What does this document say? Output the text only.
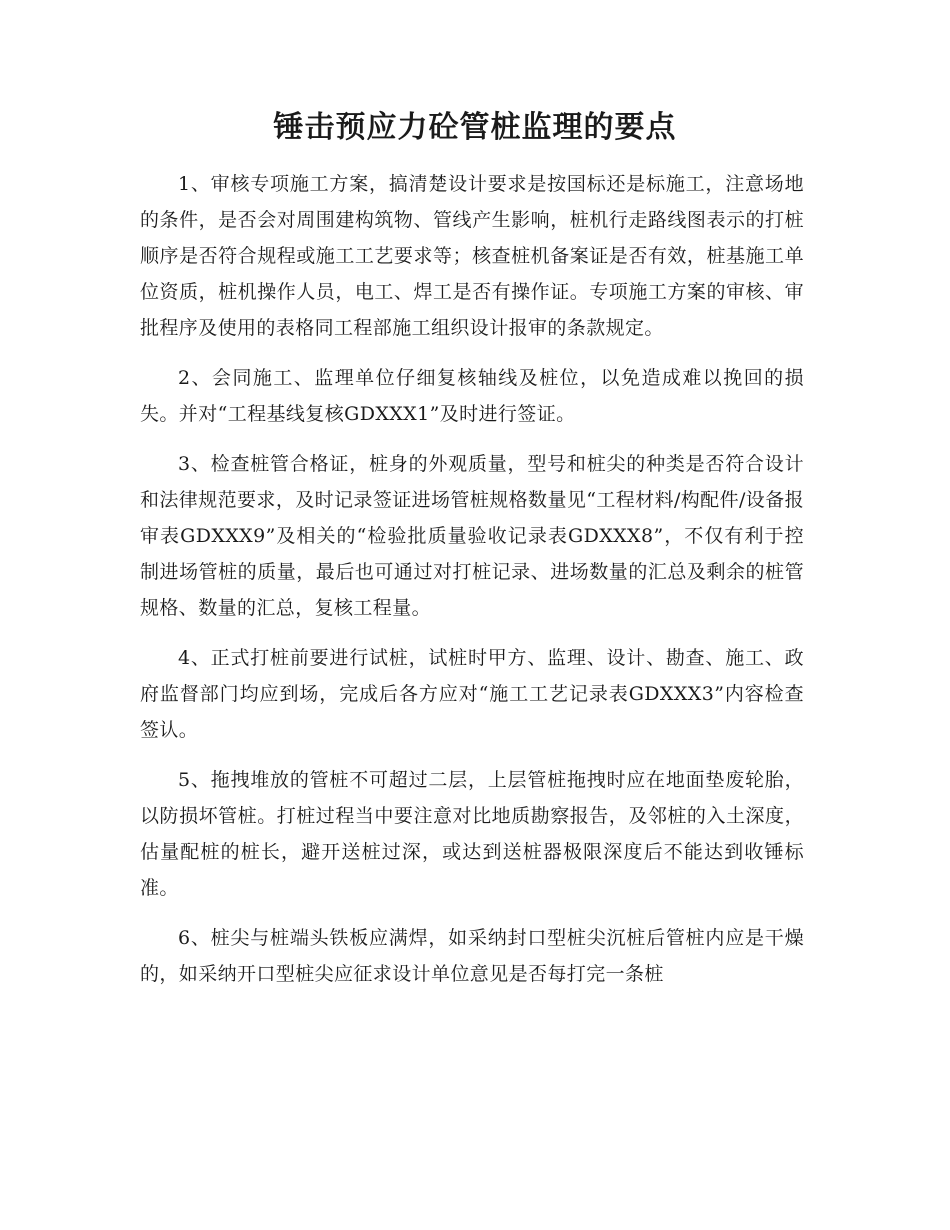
锤击预应力砼管桩监理的要点

1、审核专项施工方案，搞清楚设计要求是按国标还是标施工，注意场地的条件，是否会对周围建构筑物、管线产生影响，桩机行走路线图表示的打桩顺序是否符合规程或施工工艺要求等；核查桩机备案证是否有效，桩基施工单位资质，桩机操作人员，电工、焊工是否有操作证。专项施工方案的审核、审批程序及使用的表格同工程部施工组织设计报审的条款规定。

2、会同施工、监理单位仔细复核轴线及桩位，以免造成难以挽回的损失。并对“工程基线复核GDXXX1”及时进行签证。

3、检查桩管合格证，桩身的外观质量，型号和桩尖的种类是否符合设计和法律规范要求，及时记录签证进场管桩规格数量见“工程材料/构配件/设备报审表GDXXX9”及相关的“检验批质量验收记录表GDXXX8”，不仅有利于控制进场管桩的质量，最后也可通过对打桩记录、进场数量的汇总及剩余的桩管规格、数量的汇总，复核工程量。

4、正式打桩前要进行试桩，试桩时甲方、监理、设计、勘查、施工、政府监督部门均应到场，完成后各方应对“施工工艺记录表GDXXX3”内容检查签认。

5、拖拽堆放的管桩不可超过二层，上层管桩拖拽时应在地面垫废轮胎，以防损坏管桩。打桩过程当中要注意对比地质勘察报告，及邻桩的入土深度，估量配桩的桩长，避开送桩过深，或达到送桩器极限深度后不能达到收锤标准。

6、桩尖与桩端头铁板应满焊，如采纳封口型桩尖沉桩后管桩内应是干燥的，如采纳开口型桩尖应征求设计单位意见是否每打完一条桩
